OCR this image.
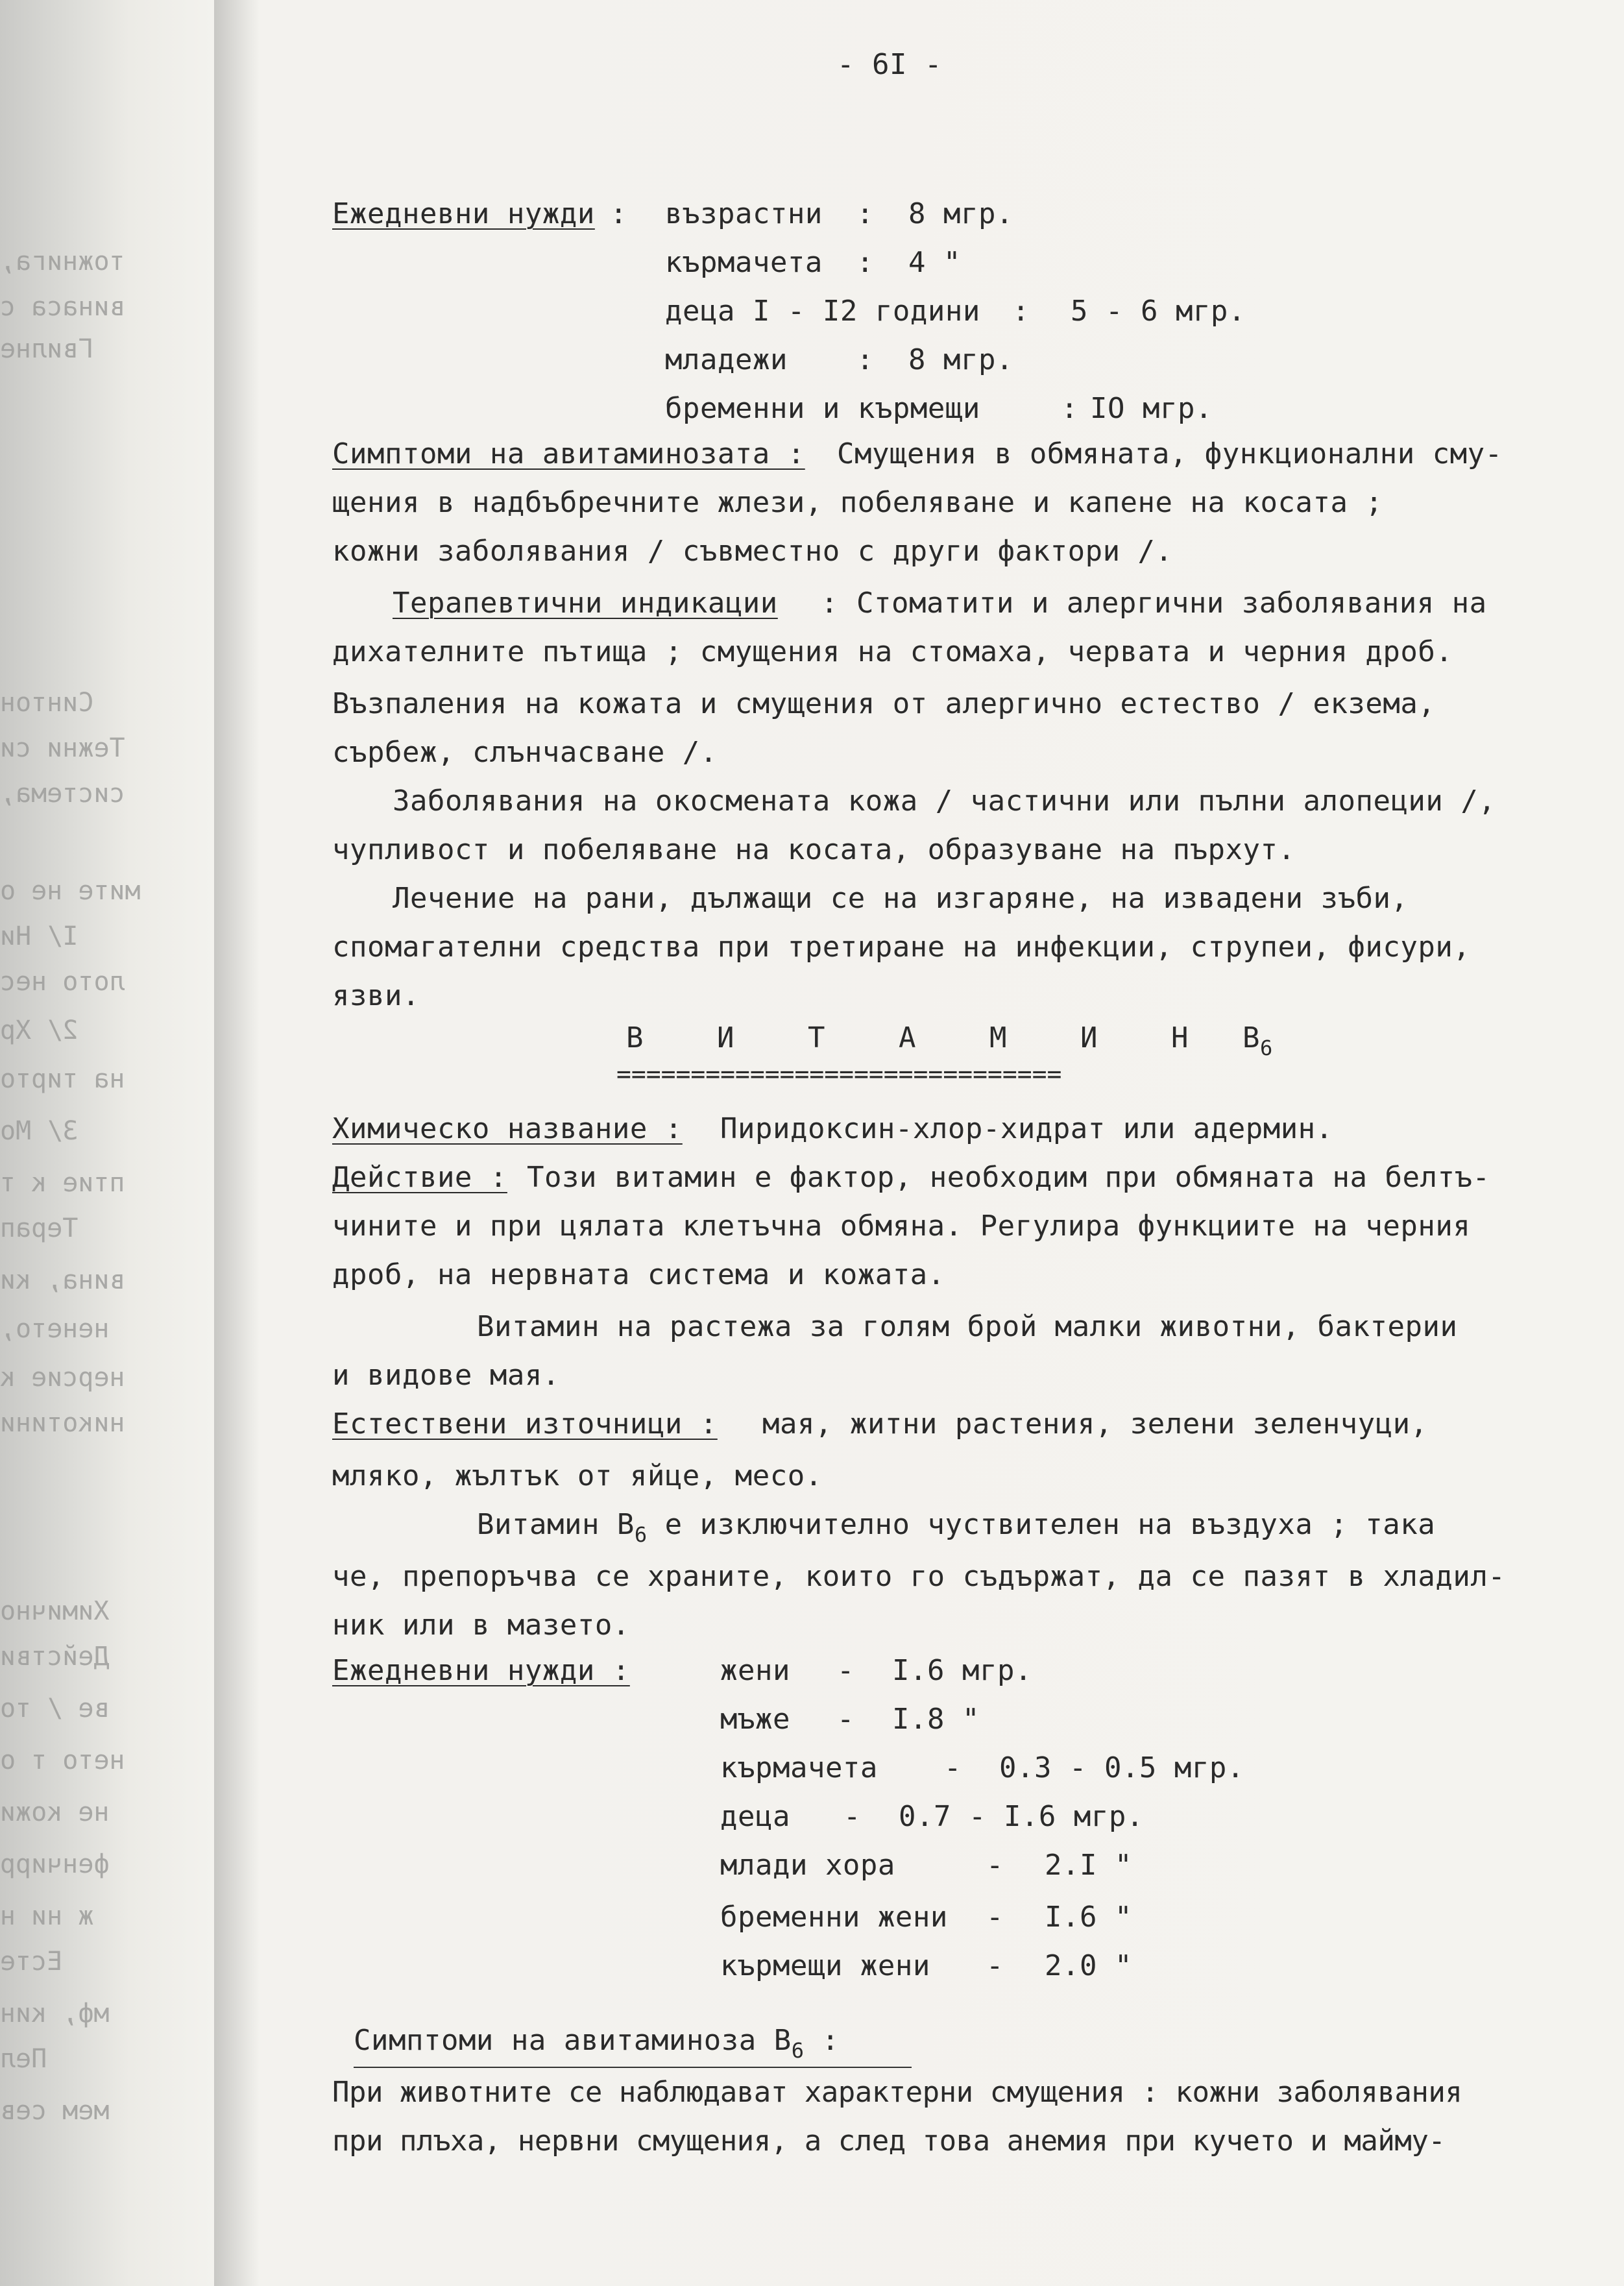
тожнига,
винаса с
Гвилне
Синтон
Тежни си
система,
мите не о
I/ Ни
лото нес
2/ Хр
на тирто
3/ Мо
птие к т
Терап
вина, ки
ненето,
нерсие к
никотини
Химично
Действи
ве / то
нето т о
не кожи
фенчирр
ж ни н
Есте
мф, кин
Пел
мем сев
- 6I -
Ежедневни нужди : възрастни : 8 мгр.
кърмачета : 4 "
деца I - I2 години : 5 - 6 мгр.
младежи : 8 мгр.
бременни и кърмещи	: IO мгр.
Симптоми на авитаминозата : Смущения в обмяната, функционални сму-
щения в надбъбречните жлези, побеляване и капене на косата ;
кожни заболявания / съвместно с други фактори /.
Терапевтични индикации : Стоматити и алергични заболявания на
дихателните пътища ; смущения на стомаха, червата и черния дроб.
Възпаления на кожата и смущения от алергично естество / екзема,
сърбеж, слънчасване /.
Заболявания на окосмената кожа / частични или пълни алопеции /,
чупливост и побеляване на косата, образуване на пърхут.
Лечение на рани, дължащи се на изгаряне, на извадени зъби,
спомагателни средства при третиране на инфекции, струпеи, фисури,
язви.
В	И	Т	А	М	И	Н $В_6$
==============================
Химическо название : Пиридоксин-хлор-хидрат или адермин.
Действие : Този витамин е фактор, необходим при обмяната на белтъ-
чините и при цялата клетъчна обмяна. Регулира функциите на черния
дроб, на нервната система и кожата.
Витамин на растежа за голям брой малки животни, бактерии
и видове мая.
Естествени източници : мая, житни растения, зелени зеленчуци,
мляко, жълтък от яйце, месо.
Витамин $В_6$ е изключително чуствителен на въздуха ; така
че, препоръчва се храните, които го съдържат, да се пазят в хладил-
ник или в мазето.
Ежедневни нужди :	жени - I.6 мгр.
мъже - I.8 "
кърмачета - 0.3 - 0.5 мгр.
деца - 0.7 - I.6 мгр.
млади хора	- 2.I "
бременни жени - I.6 "
кърмещи жени - 2.0 "
Симптоми на авитаминоза $В_6$ :
При животните се наблюдават характерни смущения : кожни заболявания
при плъха, нервни смущения, а след това анемия при кучето и майму-
